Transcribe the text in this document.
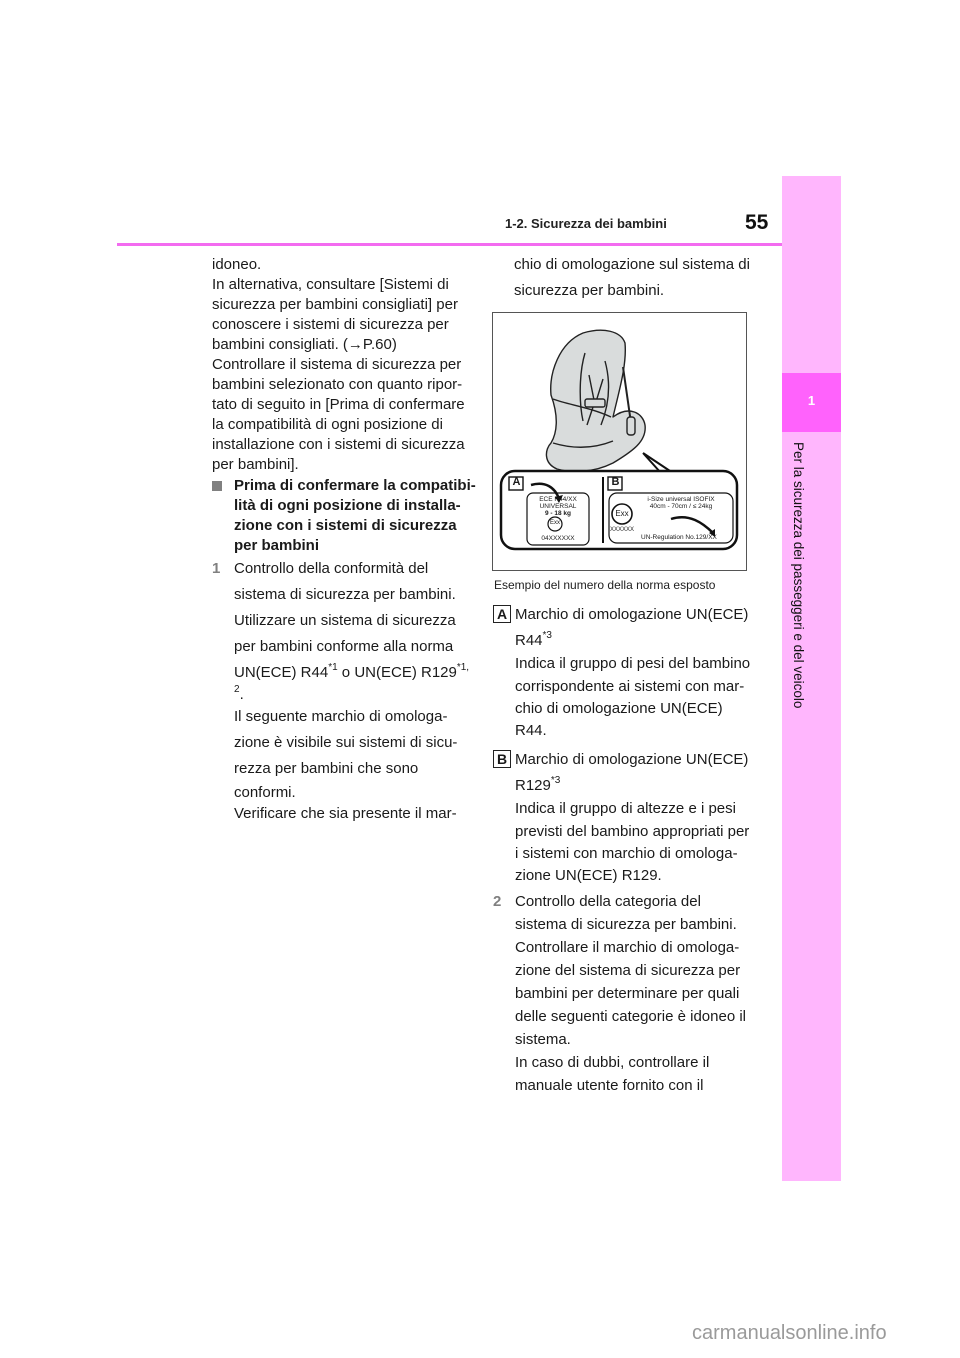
1-2. Sicurezza dei bambini	55
1
Per la sicurezza dei passeggeri e del veicolo
idoneo.
In alternativa, consultare [Sistemi di
sicurezza per bambini consigliati] per
conoscere i sistemi di sicurezza per
bambini consigliati. (→P.60)
Controllare il sistema di sicurezza per
bambini selezionato con quanto ripor-
tato di seguito in [Prima di confermare
la compatibilità di ogni posizione di
installazione con i sistemi di sicurezza
per bambini].
Prima di confermare la compatibi-
lità di ogni posizione di installa-
zione con i sistemi di sicurezza
per bambini
1 Controllo della conformità del
sistema di sicurezza per bambini.
Utilizzare un sistema di sicurezza
per bambini conforme alla norma
UN(ECE) R44$^{*1}$ o UN(ECE) $R129^{*1,}$
$^2$.
Il seguente marchio di omologa-
zione è visibile sui sistemi di sicu-
rezza per bambini che sono
conformi.
Verificare che sia presente il mar-
chio di omologazione sul sistema di
sicurezza per bambini.
A	B
ECE R44/XX
UNIVERSAL
9 - 18 kg
Exx
04XXXXXX
i-Size universal ISOFIX
40cm - 70cm / ≤ 24kg
Exx
XXXXXX
UN-Regulation No.129/XX
Esempio del numero della norma esposto
A Marchio di omologazione UN(ECE)
R44$^{*3}$
Indica il gruppo di pesi del bambino
corrispondente ai sistemi con mar-
chio di omologazione UN(ECE)
R44.
B Marchio di omologazione UN(ECE)
R129$^{*3}$
Indica il gruppo di altezze e i pesi
previsti del bambino appropriati per
i sistemi con marchio di omologa-
zione UN(ECE) R129.
2 Controllo della categoria del
sistema di sicurezza per bambini.
Controllare il marchio di omologa-
zione del sistema di sicurezza per
bambini per determinare per quali
delle seguenti categorie è idoneo il
sistema.
In caso di dubbi, controllare il
manuale utente fornito con il
carmanualsonline.info
